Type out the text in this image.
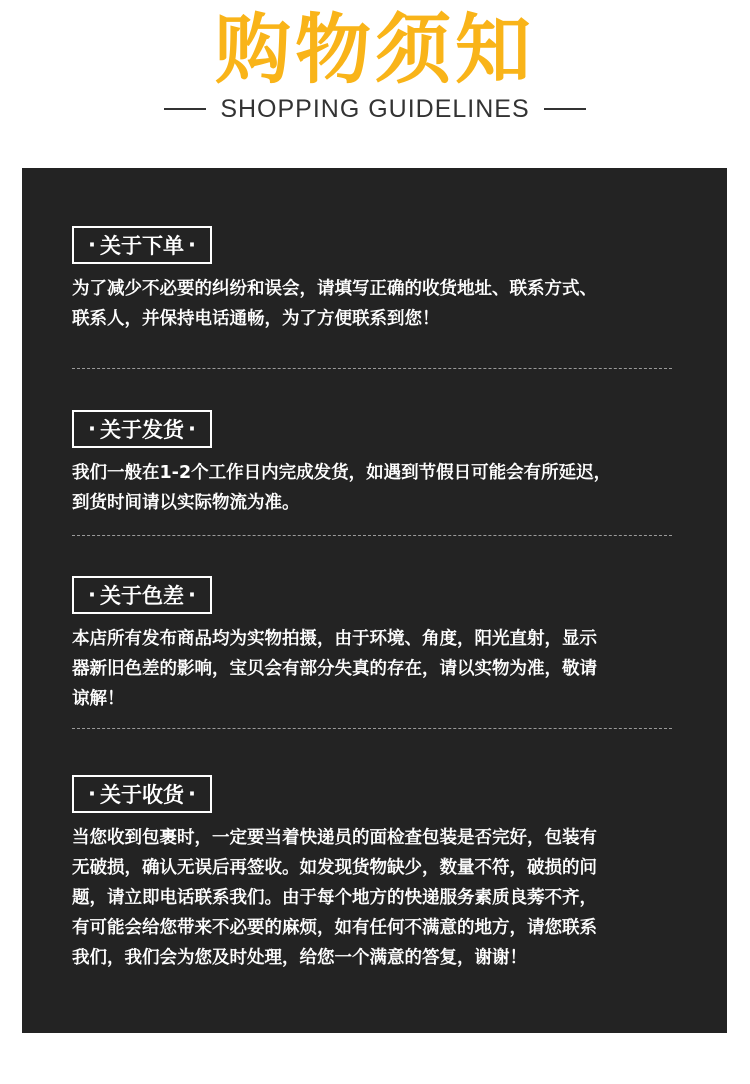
购物须知
SHOPPING GUIDELINES
· 关于下单 ·
为了减少不必要的纠纷和误会，请填写正确的收货地址、联系方式、
联系人，并保持电话通畅，为了方便联系到您！
· 关于发货 ·
我们一般在1-2个工作日内完成发货，如遇到节假日可能会有所延迟，
到货时间请以实际物流为准。
· 关于色差 ·
本店所有发布商品均为实物拍摄，由于环境、角度，阳光直射，显示
器新旧色差的影响，宝贝会有部分失真的存在，请以实物为准，敬请
谅解！
· 关于收货 ·
当您收到包裹时，一定要当着快递员的面检查包装是否完好，包装有
无破损，确认无误后再签收。如发现货物缺少，数量不符，破损的问
题，请立即电话联系我们。由于每个地方的快递服务素质良莠不齐，
有可能会给您带来不必要的麻烦，如有任何不满意的地方，请您联系
我们，我们会为您及时处理，给您一个满意的答复，谢谢！
